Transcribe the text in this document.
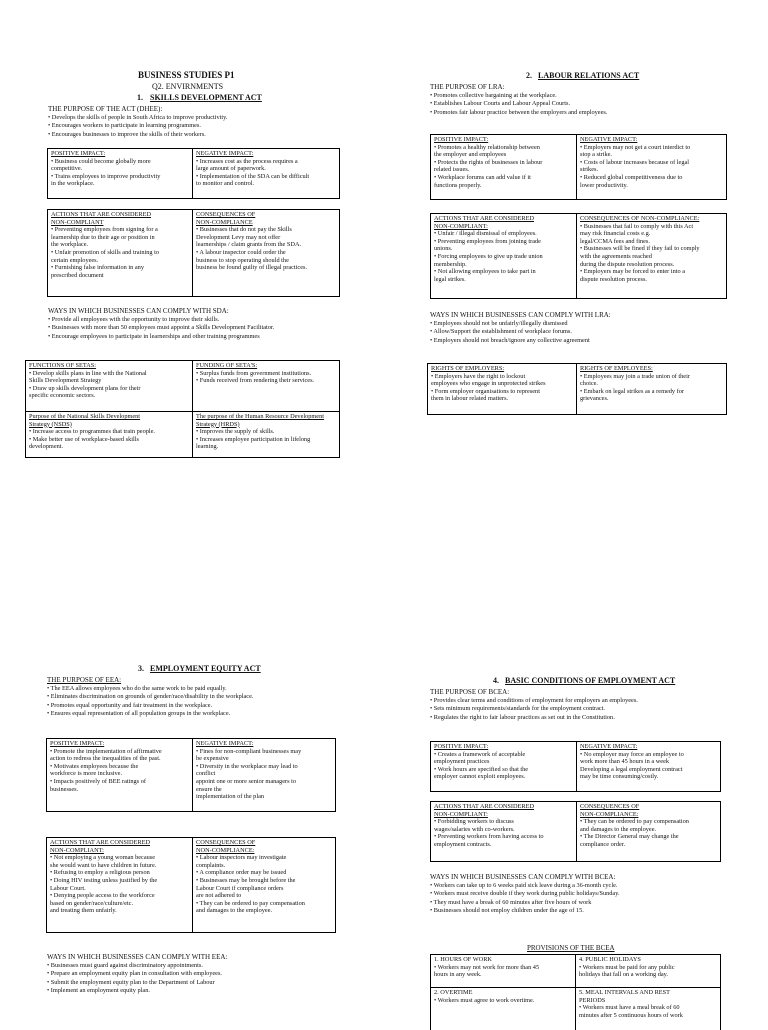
BUSINESS STUDIES P1
Q2. ENVIRNMENTS
1. SKILLS DEVELOPMENT ACT
THE PURPOSE OF THE ACT (DHEE):
• Develops the skills of people in South Africa to improve productivity.
• Encourages workers to participate in learning programmes.
• Encourages businesses to improve the skills of their workers.
POSITIVE IMPACT:
• Business could become globally more
competitive.
• Trains employees to improve productivity
in the workplace.
NEGATIVE IMPACT:
• Increases cost as the process requires a
large amount of paperwork.
• Implementation of the SDA can be difficult
to monitor and control.
ACTIONS THAT ARE CONSIDERED
NON-COMPLIANT
• Preventing employees from signing for a
learnership due to their age or position in
the workplace.
• Unfair promotion of skills and training to
certain employees.
• Furnishing false information in any
prescribed document
CONSEQUENCES OF
NON-COMPLIANCE
• Businesses that do not pay the Skills
Development Levy may not offer
learnerships / claim grants from the SDA.
• A labour inspector could order the
business to stop operating should the
business be found guilty of illegal practices.
WAYS IN WHICH BUSINESSES CAN COMPLY WITH SDA:
• Provide all employees with the opportunity to improve their skills.
• Businesses with more than 50 employees must appoint a Skills Development Facilitator.
• Encourage employees to participate in learnerships and other training programmes
FUNCTIONS OF SETAS:
• Develop skills plans in line with the National
Skills Development Strategy
• Draw up skills development plans for their
specific economic sectors.
FUNDING OF SETA'S:
• Surplus funds from government institutions.
• Funds received from rendering their services.
Purpose of the National Skills Development
Strategy (NSDS)
• Increase access to programmes that train people.
• Make better use of workplace-based skills
development.
The purpose of the Human Resource Development
Strategy (HRDS)
• Improves the supply of skills.
• Increases employee participation in lifelong
learning.
2. LABOUR RELATIONS ACT
THE PURPOSE OF LRA:
• Promotes collective bargaining at the workplace.
• Establishes Labour Courts and Labour Appeal Courts.
• Promotes fair labour practice between the employers and employees.
POSITIVE IMPACT:
• Promotes a healthy relationship between
the employer and employees
• Protects the rights of businesses in labour
related issues.
• Workplace forums can add value if it
functions properly.
NEGATIVE IMPACT:
• Employers may not get a court interdict to
stop a strike.
• Costs of labour increases because of legal
strikes.
• Reduced global competitiveness due to
lower productivity.
ACTIONS THAT ARE CONSIDERED
NON-COMPLIANT:
• Unfair / illegal dismissal of employees.
• Preventing employees from joining trade
unions.
• Forcing employees to give up trade union
membership.
• Not allowing employees to take part in
legal strikes.
CONSEQUENCES OF NON-COMPLIANCE:
• Businesses that fail to comply with this Act
may risk financial costs e.g.
legal/CCMA fees and fines.
• Businesses will be fined if they fail to comply
with the agreements reached
during the dispute resolution process.
• Employers may be forced to enter into a
dispute resolution process.
WAYS IN WHICH BUSINESSES CAN COMPLY WITH LRA:
• Employees should not be unfairly/illegally dismissed
• Allow/Support the establishment of workplace forums.
• Employers should not breach/ignore any collective agreement
RIGHTS OF EMPLOYERS:
• Employers have the right to lockout
employees who engage in unprotected strikes
• Form employer organisations to represent
them in labour related matters.
RIGHTS OF EMPLOYEES:
• Employees may join a trade union of their
choice.
• Embark on legal strikes as a remedy for
grievances.
3. EMPLOYMENT EQUITY ACT
THE PURPOSE OF EEA:
• The EEA allows employees who do the same work to be paid equally.
• Eliminates discrimination on grounds of gender/race/disability in the workplace.
• Promotes equal opportunity and fair treatment in the workplace.
• Ensures equal representation of all population groups in the workplace.
POSITIVE IMPACT:
• Promote the implementation of affirmative
action to redress the inequalities of the past.
• Motivates employees because the
workforce is more inclusive.
• Impacts positively of BEE ratings of
businesses.
NEGATIVE IMPACT:
• Fines for non-compliant businesses may
be expensive
• Diversity in the workplace may lead to
conflict
appoint one or more senior managers to
ensure the
implementation of the plan
ACTIONS THAT ARE CONSIDERED
NON-COMPLIANT:
• Not employing a young woman because
she would want to have children in future.
• Refusing to employ a religious person
• Doing HIV testing unless justified by the
Labour Court.
• Denying people access to the workforce
based on gender/race/culture/etc.
and treating them unfairly.
CONSEQUENCES OF
NON-COMPLIANCE:
• Labour inspectors may investigate
complaints.
• A compliance order may be issued
• Businesses may be brought before the
Labour Court if compliance orders
are not adhered to
• They can be ordered to pay compensation
and damages to the employee.
WAYS IN WHICH BUSINESSES CAN COMPLY WITH EEA:
• Businesses must guard against discriminatory appointments.
• Prepare an employment equity plan in consultation with employees.
• Submit the employment equity plan to the Department of Labour
• Implement an employment equity plan.
4. BASIC CONDITIONS OF EMPLOYMENT ACT
THE PURPOSE OF BCEA:
• Provides clear terms and conditions of employment for employers an employees.
• Sets minimum requirements/standards for the employment contract.
• Regulates the right to fair labour practices as set out in the Constitution.
POSITIVE IMPACT:
• Creates a framework of acceptable
employment practices
• Work hours are specified so that the
employer cannot exploit employees.
NEGATIVE IMPACT:
• No employer may force an employee to
work more than 45 hours in a week
Developing a legal employment contract
may be time consuming/costly.
ACTIONS THAT ARE CONSIDERED
NON-COMPLIANT:
• Forbidding workers to discuss
wages/salaries with co-workers.
• Preventing workers from having access to
employment contracts.
CONSEQUENCES OF
NON-COMPLIANCE:
• They can be ordered to pay compensation
and damages to the employee.
• The Director General may change the
compliance order.
WAYS IN WHICH BUSINESSES CAN COMPLY WITH BCEA:
• Workers can take up to 6 weeks paid sick leave during a 36-month cycle.
• Workers must receive double if they work during public holidays/Sunday.
• They must have a break of 60 minutes after five hours of work
• Businesses should not employ children under the age of 15.
PROVISIONS OF THE BCEA
1. HOURS OF WORK
• Workers may not work for more than 45
hours in any week.
4. PUBLIC HOLIDAYS
• Workers must be paid for any public
holidays that fall on a working day.
2. OVERTIME
• Workers must agree to work overtime.
5. MEAL INTERVALS AND REST
PERIODS
• Workers must have a meal break of 60
minutes after 5 continuous hours of work
